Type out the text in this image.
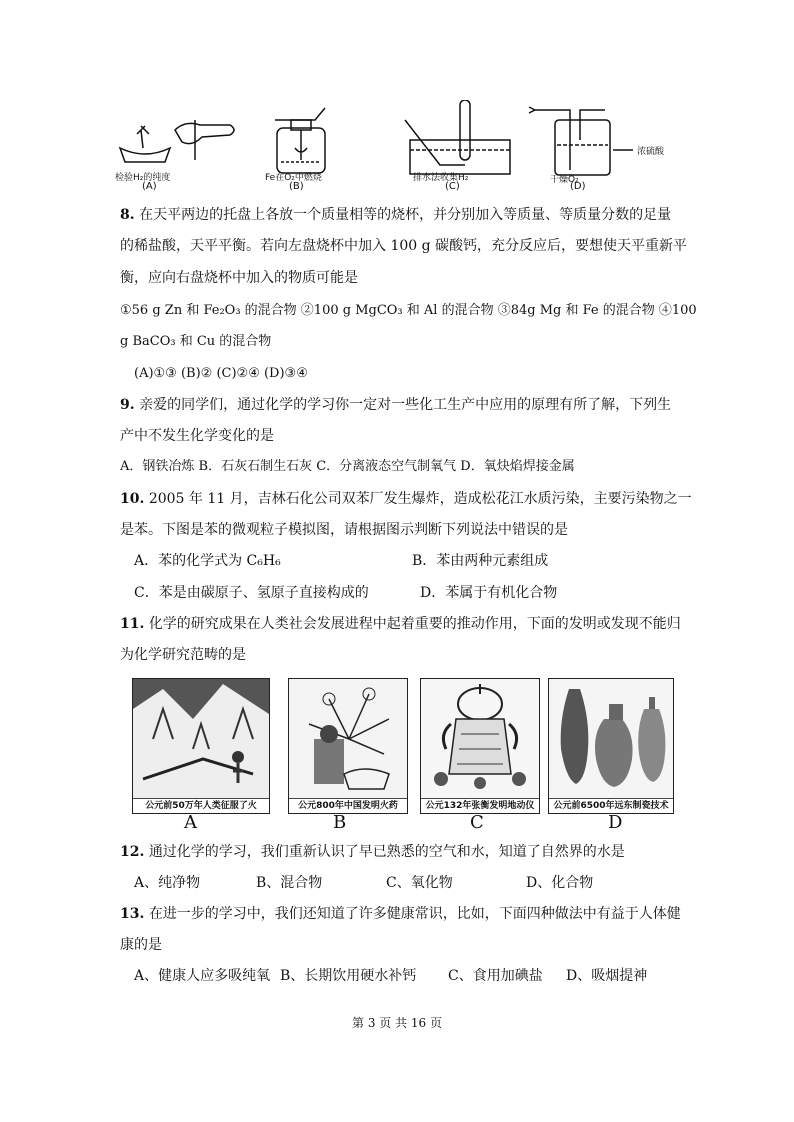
检验H₂的纯度
(A)
Fe在O₂中燃烧
(B)
排水法收集H₂
(C)
干燥O₂
(D)
浓硫酸
8. 在天平两边的托盘上各放一个质量相等的烧杯，并分别加入等质量、等质量分数的足量
的稀盐酸，天平平衡。若向左盘烧杯中加入 100 g 碳酸钙，充分反应后，要想使天平重新平
衡，应向右盘烧杯中加入的物质可能是
①56 g Zn 和 Fe₂O₃ 的混合物 ②100 g MgCO₃ 和 Al 的混合物 ③84g Mg 和 Fe 的混合物 ④100
g BaCO₃ 和 Cu 的混合物
(A)①③ (B)② (C)②④ (D)③④
9. 亲爱的同学们，通过化学的学习你一定对一些化工生产中应用的原理有所了解，下列生
产中不发生化学变化的是
A．钢铁冶炼 B．石灰石制生石灰 C．分离液态空气制氧气 D．氧炔焰焊接金属
10. 2005 年 11 月，吉林石化公司双苯厂发生爆炸，造成松花江水质污染，主要污染物之一
是苯。下图是苯的微观粒子模拟图，请根据图示判断下列说法中错误的是
A．苯的化学式为 C₆H₆	B．苯由两种元素组成
C．苯是由碳原子、氢原子直接构成的	D．苯属于有机化合物
11. 化学的研究成果在人类社会发展进程中起着重要的推动作用，下面的发明或发现不能归
为化学研究范畴的是
公元前50万年人类征服了火	公元800年中国发明火药	公元132年张衡发明地动仪	公元前6500年远东制瓷技术
A	B	C	D
12. 通过化学的学习，我们重新认识了早已熟悉的空气和水，知道了自然界的水是
A、纯净物	B、混合物	C、氧化物	D、化合物
13. 在进一步的学习中，我们还知道了许多健康常识，比如，下面四种做法中有益于人体健
康的是
A、健康人应多吸纯氧 B、长期饮用硬水补钙 C、食用加碘盐 D、吸烟提神
第 3 页 共 16 页
